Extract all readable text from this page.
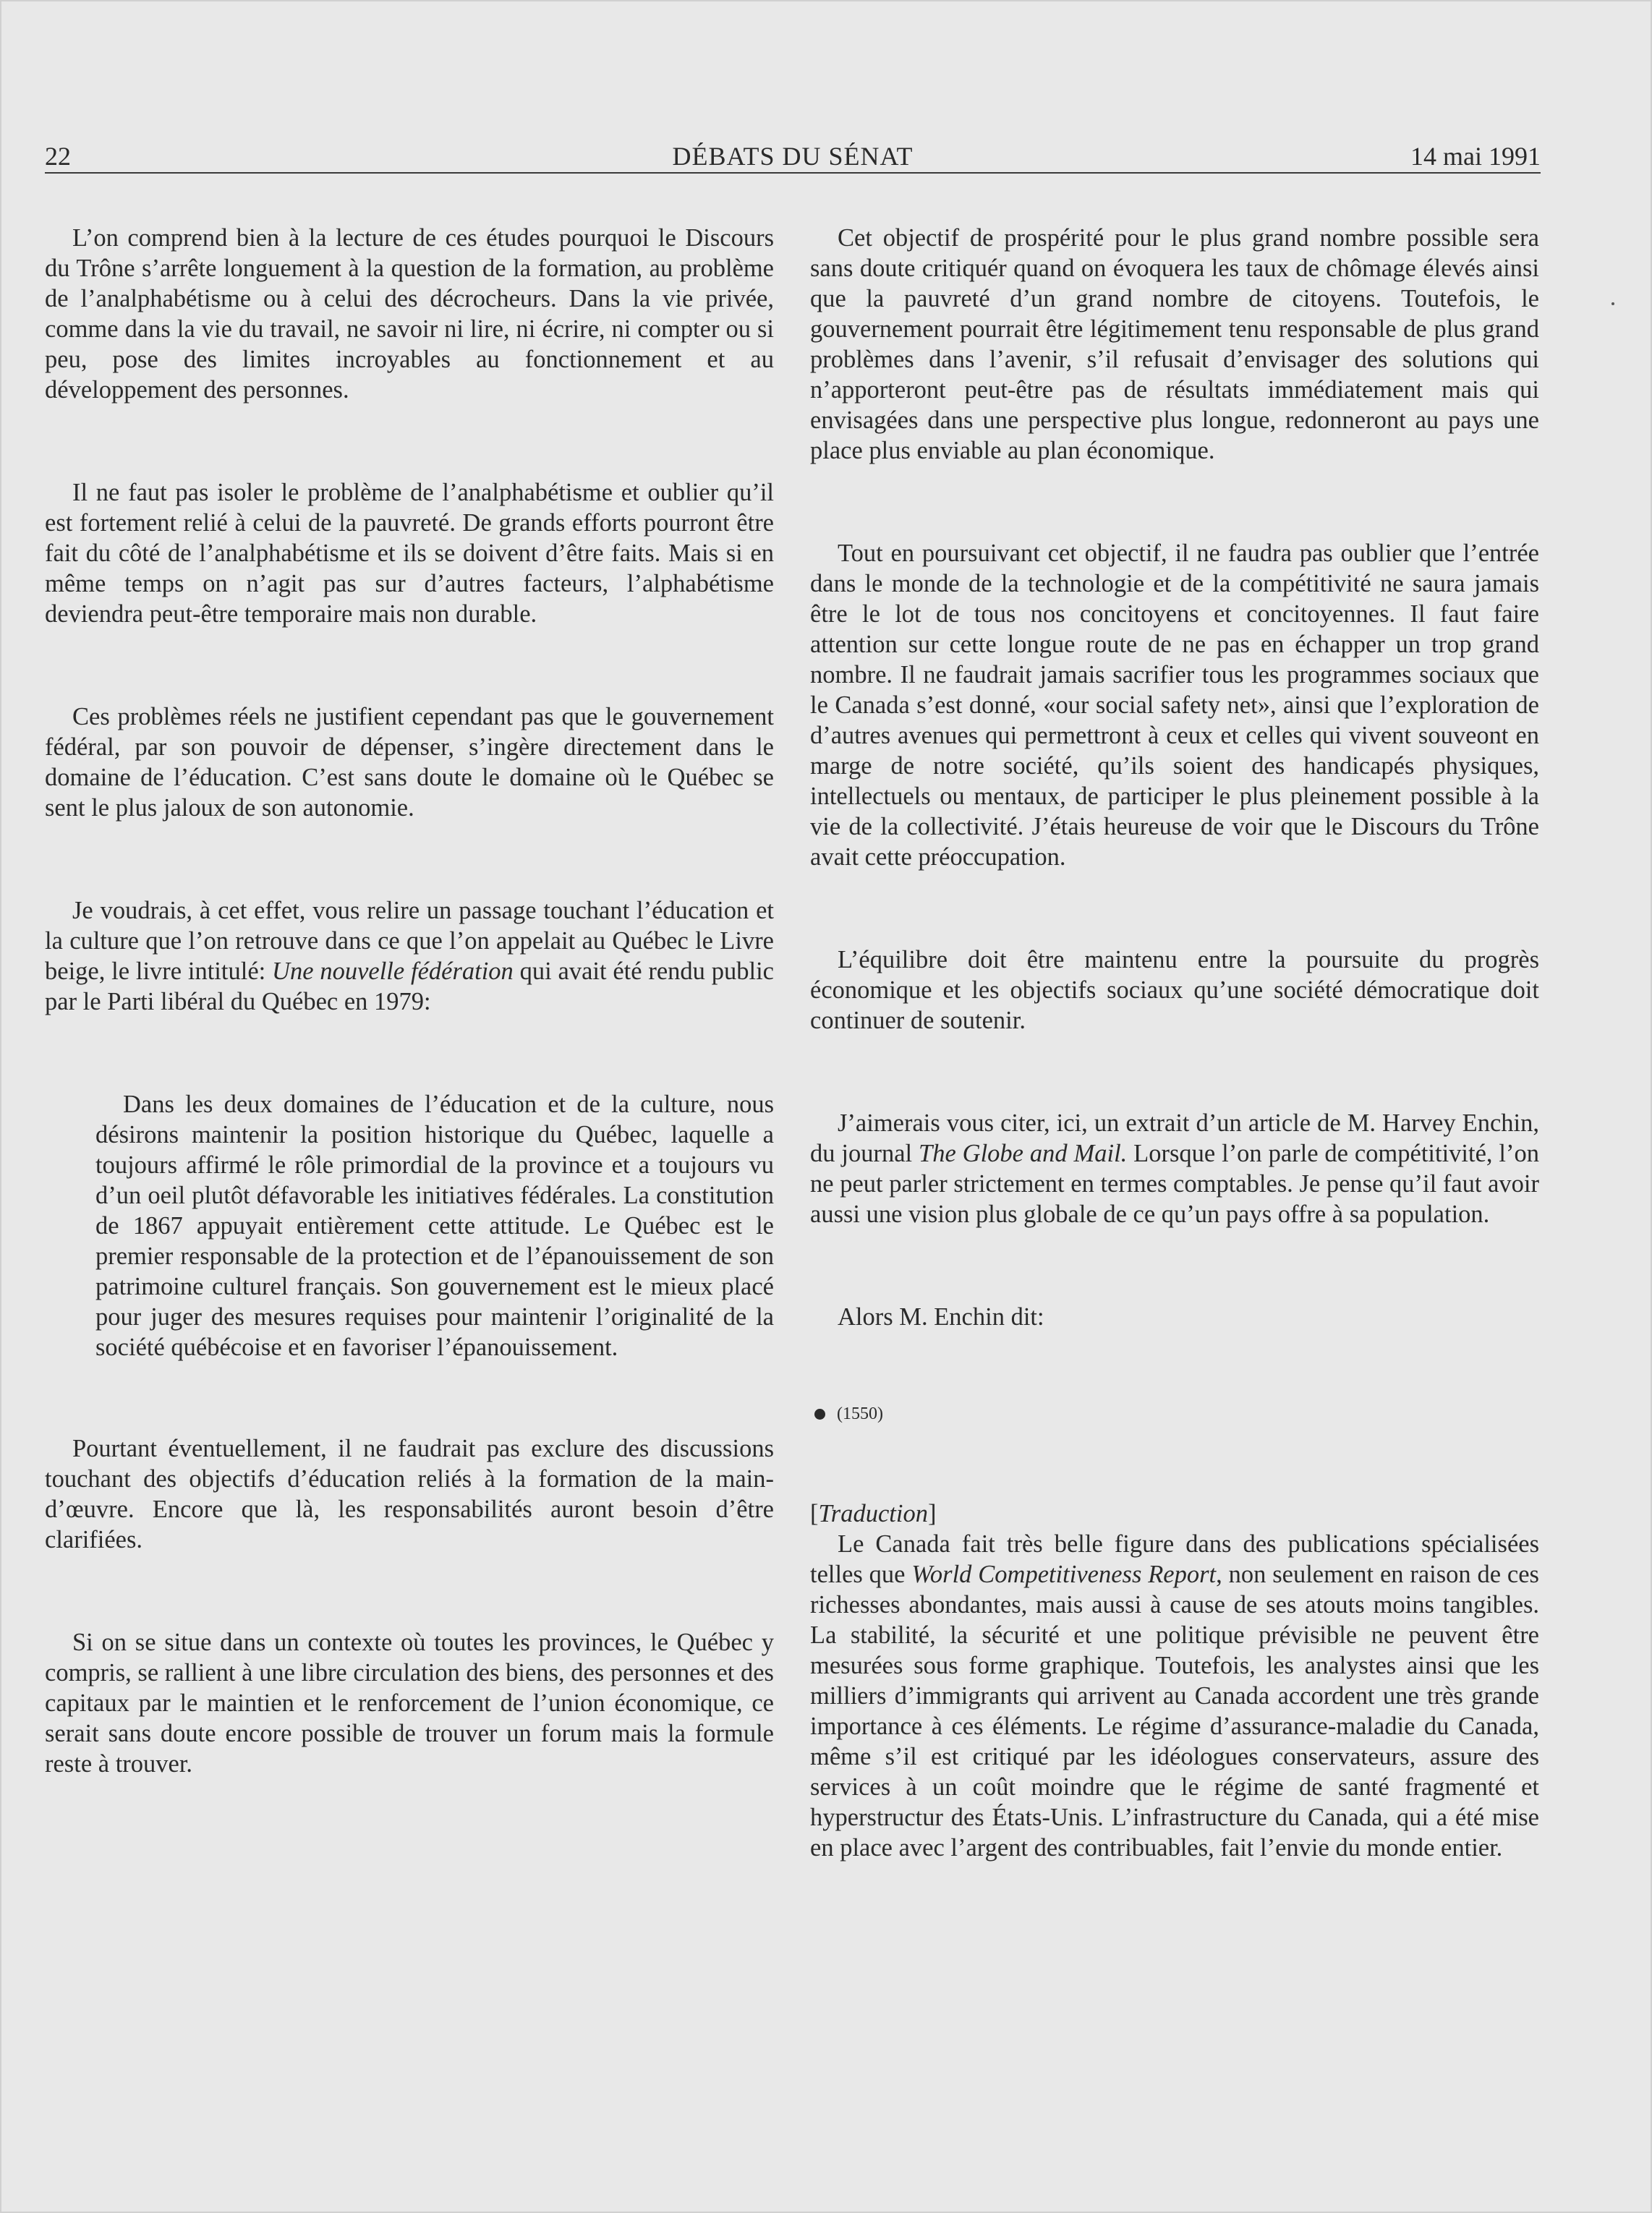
22	DÉBATS DU SÉNAT	14 mai 1991

L’on comprend bien à la lecture de ces études pourquoi le Discours du Trône s’arrête longuement à la question de la formation, au problème de l’analphabétisme ou à celui des décrocheurs. Dans la vie privée, comme dans la vie du travail, ne savoir ni lire, ni écrire, ni compter ou si peu, pose des limites incroyables au fonctionnement et au développement des personnes.

Il ne faut pas isoler le problème de l’analphabétisme et oublier qu’il est fortement relié à celui de la pauvreté. De grands efforts pourront être fait du côté de l’analphabétisme et ils se doivent d’être faits. Mais si en même temps on n’agit pas sur d’autres facteurs, l’alphabétisme deviendra peut-être temporaire mais non durable.

Ces problèmes réels ne justifient cependant pas que le gouvernement fédéral, par son pouvoir de dépenser, s’ingère directement dans le domaine de l’éducation. C’est sans doute le domaine où le Québec se sent le plus jaloux de son autonomie.

Je voudrais, à cet effet, vous relire un passage touchant l’éducation et la culture que l’on retrouve dans ce que l’on appelait au Québec le Livre beige, le livre intitulé: Une nouvelle fédération qui avait été rendu public par le Parti libéral du Québec en 1979:

Dans les deux domaines de l’éducation et de la culture, nous désirons maintenir la position historique du Québec, laquelle a toujours affirmé le rôle primordial de la province et a toujours vu d’un oeil plutôt défavorable les initiatives fédérales. La constitution de 1867 appuyait entièrement cette attitude. Le Québec est le premier responsable de la protection et de l’épanouissement de son patrimoine culturel français. Son gouvernement est le mieux placé pour juger des mesures requises pour maintenir l’originalité de la société québécoise et en favoriser l’épanouissement.

Pourtant éventuellement, il ne faudrait pas exclure des discussions touchant des objectifs d’éducation reliés à la formation de la main-d’œuvre. Encore que là, les responsabilités auront besoin d’être clarifiées.

Si on se situe dans un contexte où toutes les provinces, le Québec y compris, se rallient à une libre circulation des biens, des personnes et des capitaux par le maintien et le renforcement de l’union économique, ce serait sans doute encore possible de trouver un forum mais la formule reste à trouver.

Cet objectif de prospérité pour le plus grand nombre possible sera sans doute critiquér quand on évoquera les taux de chômage élevés ainsi que la pauvreté d’un grand nombre de citoyens. Toutefois, le gouvernement pourrait être légitimement tenu responsable de plus grand problèmes dans l’avenir, s’il refusait d’envisager des solutions qui n’apporteront peut-être pas de résultats immédiatement mais qui envisagées dans une perspective plus longue, redonneront au pays une place plus enviable au plan économique.

Tout en poursuivant cet objectif, il ne faudra pas oublier que l’entrée dans le monde de la technologie et de la compétitivité ne saura jamais être le lot de tous nos concitoyens et concitoyennes. Il faut faire attention sur cette longue route de ne pas en échapper un trop grand nombre. Il ne faudrait jamais sacrifier tous les programmes sociaux que le Canada s’est donné, «our social safety net», ainsi que l’exploration de d’autres avenues qui permettront à ceux et celles qui vivent souveont en marge de notre société, qu’ils soient des handicapés physiques, intellectuels ou mentaux, de participer le plus pleinement possible à la vie de la collectivité. J’étais heureuse de voir que le Discours du Trône avait cette préoccupation.

L’équilibre doit être maintenu entre la poursuite du progrès économique et les objectifs sociaux qu’une société démocratique doit continuer de soutenir.

J’aimerais vous citer, ici, un extrait d’un article de M. Harvey Enchin, du journal The Globe and Mail. Lorsque l’on parle de compétitivité, l’on ne peut parler strictement en termes comptables. Je pense qu’il faut avoir aussi une vision plus globale de ce qu’un pays offre à sa population.

Alors M. Enchin dit:

(1550)

[Traduction]

Le Canada fait très belle figure dans des publications spécialisées telles que World Competitiveness Report, non seulement en raison de ces richesses abondantes, mais aussi à cause de ses atouts moins tangibles. La stabilité, la sécurité et une politique prévisible ne peuvent être mesurées sous forme graphique. Toutefois, les analystes ainsi que les milliers d’immigrants qui arrivent au Canada accordent une très grande importance à ces éléments. Le régime d’assurance-maladie du Canada, même s’il est critiqué par les idéologues conservateurs, assure des services à un coût moindre que le régime de santé fragmenté et hyperstructur des États-Unis. L’infrastructure du Canada, qui a été mise en place avec l’argent des contribuables, fait l’envie du monde entier.
